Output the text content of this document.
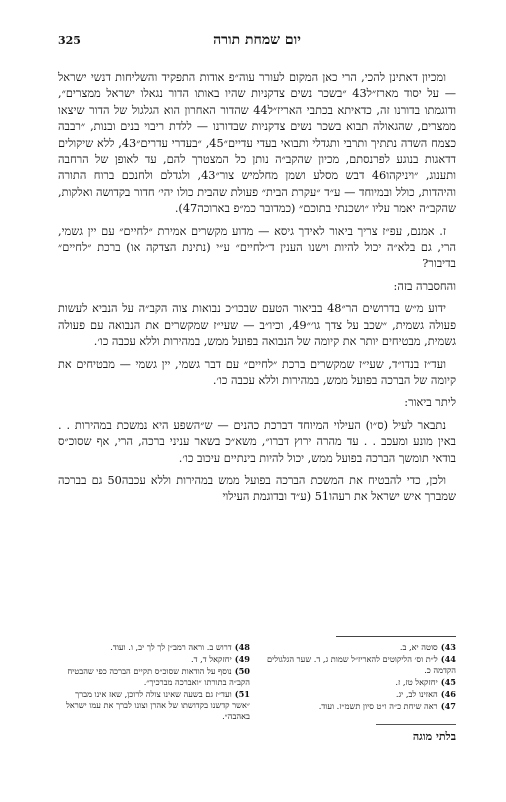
325	יום שמחת תורה

ומכיון דאתינן להכי, הרי כאן המקום לעורר עוה״פ אודות התפקיד והשליחות דנשי ישראל — על יסוד מארז״ל43 ״בשכר נשים צדקניות שהיו באותו הדור נגאלו ישראל ממצרים״, ודוגמתו בדורנו זה, כדאיתא בכתבי האריז״ל44 שהדור האחרון הוא הגלגול של הדור שיצאו ממצרים, שהגאולה תבוא בשכר נשים צדקניות שבדורנו — ללדת ריבוי בנים ובנות, ״רבבה כצמח השדה נתתיך ותרבי ותגדלי ותבואי בעדי עדיים״45, ״בעדרי עדרים״43, ללא שיקולים דדאגות בנוגע לפרנסתם, מכיון שהקב״ה נותן כל המצטרך להם, עד לאופן של הרחבה ותענוג, ״ויניקהו46 דבש מסלע ושמן מחלמיש צור״43, ולגדלם ולחנכם ברוח התורה והיהדות, כולל ובמיוחד — ע״ד ״עקרת הבית״ פעולת שהבית כולו יהי׳ חדור בקדושה ואלקות, שהקב״ה יאמר עליו ״ושכנתי בתוכם״ (כמדובר כמ״פ בארוכה47).

ז. אמנם, עפ״ז צריך ביאור לאידך גיסא — מדוע מקשרים אמירת ״לחיים״ עם יין גשמי, הרי, גם בלא״ה יכול להיות וישנו הענין ד״לחיים״ ע״י (נתינת הצדקה או) ברכת ״לחיים״ בדיבור?

והחסברה בזה:

ידוע מ״ש בדרושים הר״48 בביאור הטעם שבכו״כ נבואות צוה הקב״ה על הנביא לעשות פעולה גשמית, ״שכב על צדך גו׳״49, וכיו״ב — שעי״ז שמקשרים את הנבואה עם פעולה גשמית, מבטיחים יותר את קיומה של הנבואה בפועל ממש, במהירות וללא עכבה כו׳.

ועד״ז בנדו״ד, שעי״ז שמקשרים ברכת ״לחיים״ עם דבר גשמי, יין גשמי — מבטיחים את קיומה של הברכה בפועל ממש, במהירות וללא עכבה כו׳.

ליתר ביאור:

נתבאר לעיל (ס״ו) העילוי המיוחד דברכת כהנים — ש״השפע היא נמשכת במהירות . . באין מונע ומעכב . . עד מהרה ירוץ דברו״, משא״כ בשאר עניני ברכה, הרי, אף שסוכ״ס בודאי תומשך הברכה בפועל ממש, יכול להיות בינתיים עיכוב כו׳.

ולכן, כדי להבטיח את המשכת הברכה בפועל ממש במהירות וללא עכבה50 גם בברכה שמברך איש ישראל את רעהו51 (ע״ד ובדוגמת העילוי

43)סוטה יא, ב.
44)ל״ת וס׳ הליקוטים להאריז״ל שמות ג, ד. שער הגלגולים הקדמה כ.
45)יחזקאל טז, ז.
46)האזינו לב, יג.
47)ראה שיחת כ״ה ו״ט סיון תשמ״ז. ועוד.
48)דרוש ב. וראה רמב״ן לך לך יב, ו. ועוד.
49)יחזקאל ד, ד.
50)נוסף על הודאות שסוכ״ס תקיים הברכה כפי שהבטיח הקב״ה בתורתו ״ואברכה מברכיך״.
51)ועד״ז גם בשעה שאינו צולה לרוכן, שאז אינו מברך ״אשר קדשנו בקדושתו של אהרן וצונו לברך את עמו ישראל באהבה״.
בלתי מוגה
